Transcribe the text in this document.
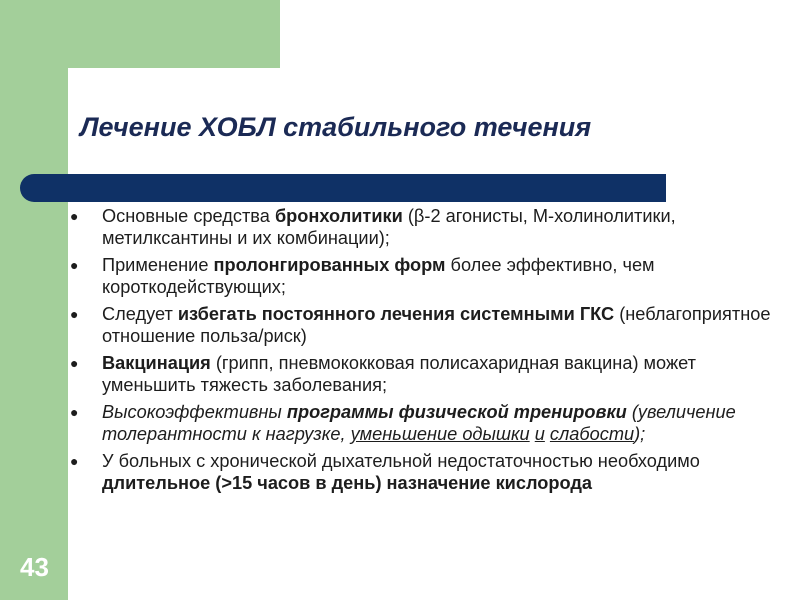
43
Лечение ХОБЛ стабильного течения
●	Основные средства бронхолитики (β-2 агонисты, М-холинолитики, метилксантины и их комбинации);
●	Применение пролонгированных форм более эффективно, чем короткодействующих;
●	Следует избегать постоянного лечения системными ГКС (неблагоприятное отношение польза/риск)
●	Вакцинация (грипп, пневмококковая полисахаридная вакцина) может уменьшить тяжесть заболевания;
●	Высокоэффективны программы физической тренировки (увеличение толерантности к нагрузке, уменьшение одышки и слабости);
●	У больных с хронической дыхательной недостаточностью необходимо длительное (>15 часов в день) назначение кислорода
